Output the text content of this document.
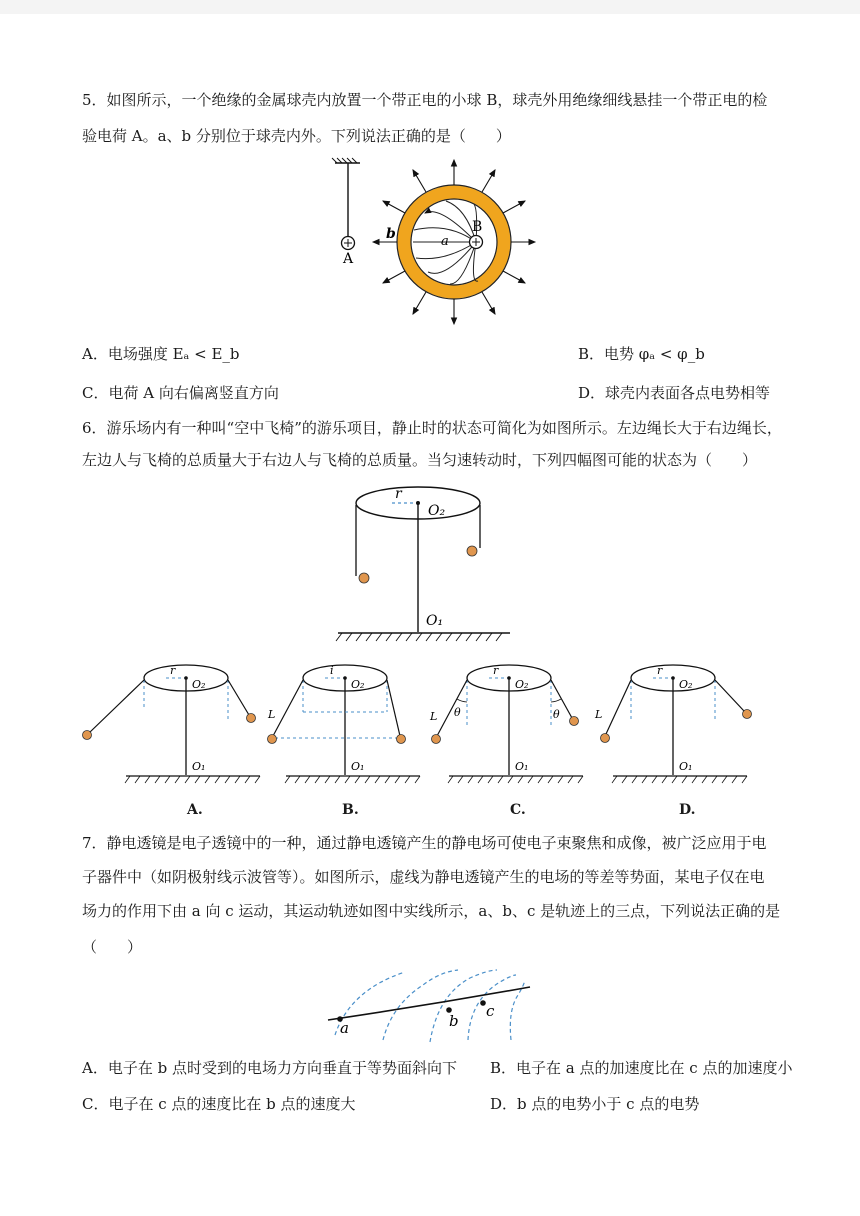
5．如图所示，一个绝缘的金属球壳内放置一个带正电的小球 B，球壳外用绝缘细线悬挂一个带正电的检
验电荷 A。a、b 分别位于球壳内外。下列说法正确的是（　　）
A
B
a
b
A．电场强度 Eₐ < E_b	B．电势 φₐ < φ_b
C．电荷 A 向右偏离竖直方向	D．球壳内表面各点电势相等
6．游乐场内有一种叫“空中飞椅”的游乐项目，静止时的状态可简化为如图所示。左边绳长大于右边绳长，
左边人与飞椅的总质量大于右边人与飞椅的总质量。当匀速转动时，下列四幅图可能的状态为（　　）
r
O₂
O₁
r
O₂
O₁
i
O₂
L
O₁
r
O₂
θ	θ
L
O₁
r
O₂
L
O₁
A.	B.	C.	D.
7．静电透镜是电子透镜中的一种，通过静电透镜产生的静电场可使电子束聚焦和成像，被广泛应用于电
子器件中（如阴极射线示波管等）。如图所示，虚线为静电透镜产生的电场的等差等势面，某电子仅在电
场力的作用下由 a 向 c 运动，其运动轨迹如图中实线所示，a、b、c 是轨迹上的三点，下列说法正确的是
（　　）
a	b
c
A．电子在 b 点时受到的电场力方向垂直于等势面斜向下 B．电子在 a 点的加速度比在 c 点的加速度小
C．电子在 c 点的速度比在 b 点的速度大	D．b 点的电势小于 c 点的电势
